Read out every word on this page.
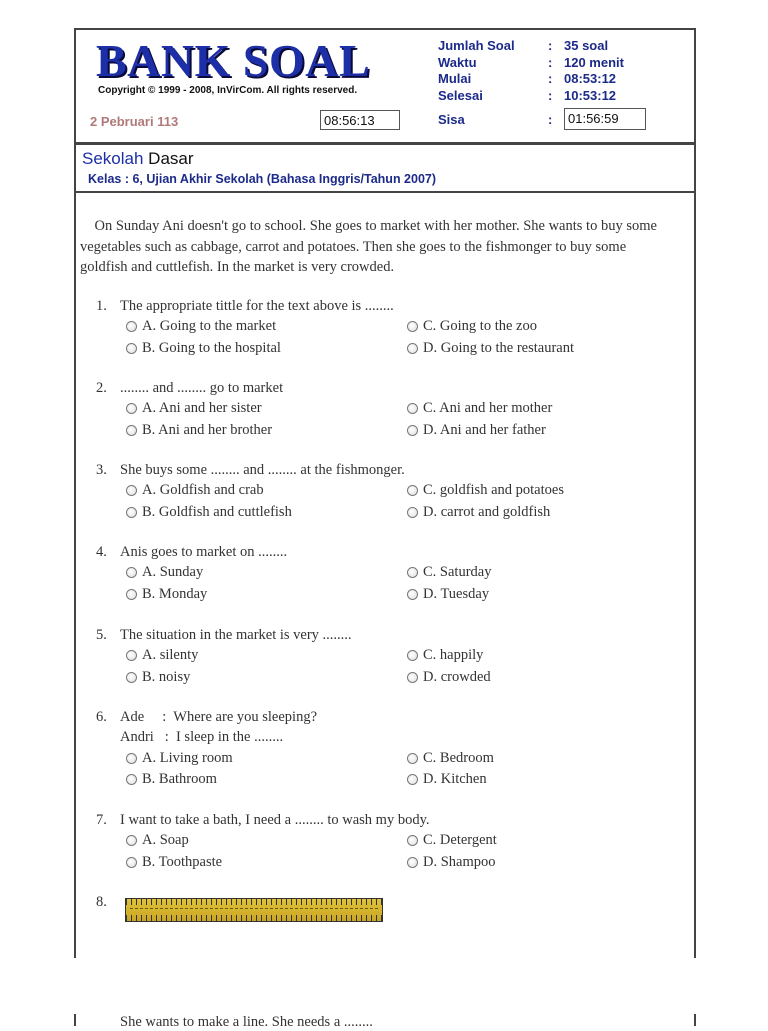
BANK SOAL
Copyright © 1999 - 2008, InVirCom. All rights reserved.
2 Pebruari 113	08:56:13
Jumlah Soal	: 35 soal
Waktu	: 120 menit
Mulai	: 08:53:12
Selesai	: 10:53:12
Sisa	:	01:56:59
Sekolah Dasar
Kelas : 6, Ujian Akhir Sekolah (Bahasa Inggris/Tahun 2007)
On Sunday Ani doesn't go to school. She goes to market with her mother. She wants to buy some vegetables such as cabbage, carrot and potatoes. Then she goes to the fishmonger to buy some goldfish and cuttlefish. In the market is very crowded.
1. The appropriate tittle for the text above is ........
A. Going to the market
B. Going to the hospital
C. Going to the zoo
D. Going to the restaurant
2. ........ and ........ go to market
A. Ani and her sister
B. Ani and her brother
C. Ani and her mother
D. Ani and her father
3. She buys some ........ and ........ at the fishmonger.
A. Goldfish and crab
B. Goldfish and cuttlefish
C. goldfish and potatoes
D. carrot and goldfish
4. Anis goes to market on ........
A. Sunday
B. Monday
C. Saturday
D. Tuesday
5. The situation in the market is very ........
A. silenty
B. noisy
C. happily
D. crowded
6. Ade     :  Where are you sleeping?
Andri   :  I sleep in the ........
A. Living room
B. Bathroom
C. Bedroom
D. Kitchen
7. I want to take a bath, I need a ........ to wash my body.
A. Soap
B. Toothpaste
C. Detergent
D. Shampoo
8.
She wants to make a line. She needs a ........
